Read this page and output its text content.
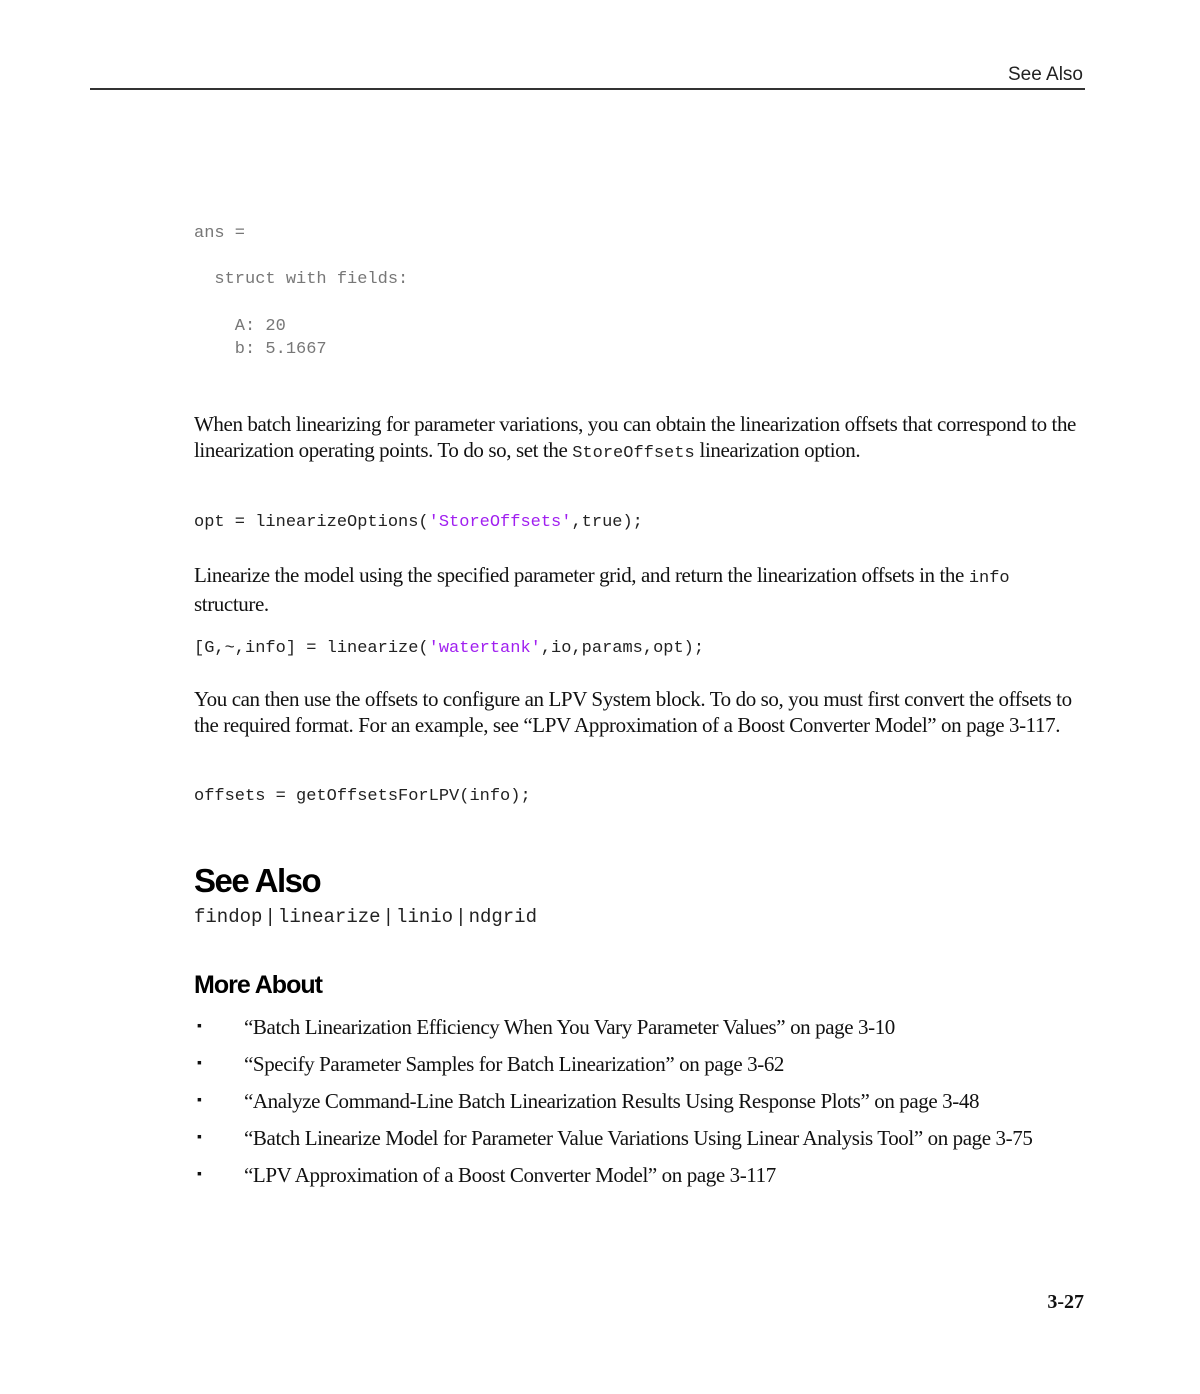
See Also
ans =
struct with fields:
A: 20
b: 5.1667
When batch linearizing for parameter variations, you can obtain the linearization offsets that correspond to the linearization operating points. To do so, set the StoreOffsets linearization option.
opt = linearizeOptions('StoreOffsets',true);
Linearize the model using the specified parameter grid, and return the linearization offsets in the info structure.
[G,~,info] = linearize('watertank',io,params,opt);
You can then use the offsets to configure an LPV System block. To do so, you must first convert the offsets to the required format. For an example, see “LPV Approximation of a Boost Converter Model” on page 3-117.
offsets = getOffsetsForLPV(info);
See Also
findop | linearize | linio | ndgrid
More About
▪ “Batch Linearization Efficiency When You Vary Parameter Values” on page 3-10
▪ “Specify Parameter Samples for Batch Linearization” on page 3-62
▪ “Analyze Command-Line Batch Linearization Results Using Response Plots” on page 3-48
▪ “Batch Linearize Model for Parameter Value Variations Using Linear Analysis Tool” on page 3-75
▪ “LPV Approximation of a Boost Converter Model” on page 3-117
3-27
